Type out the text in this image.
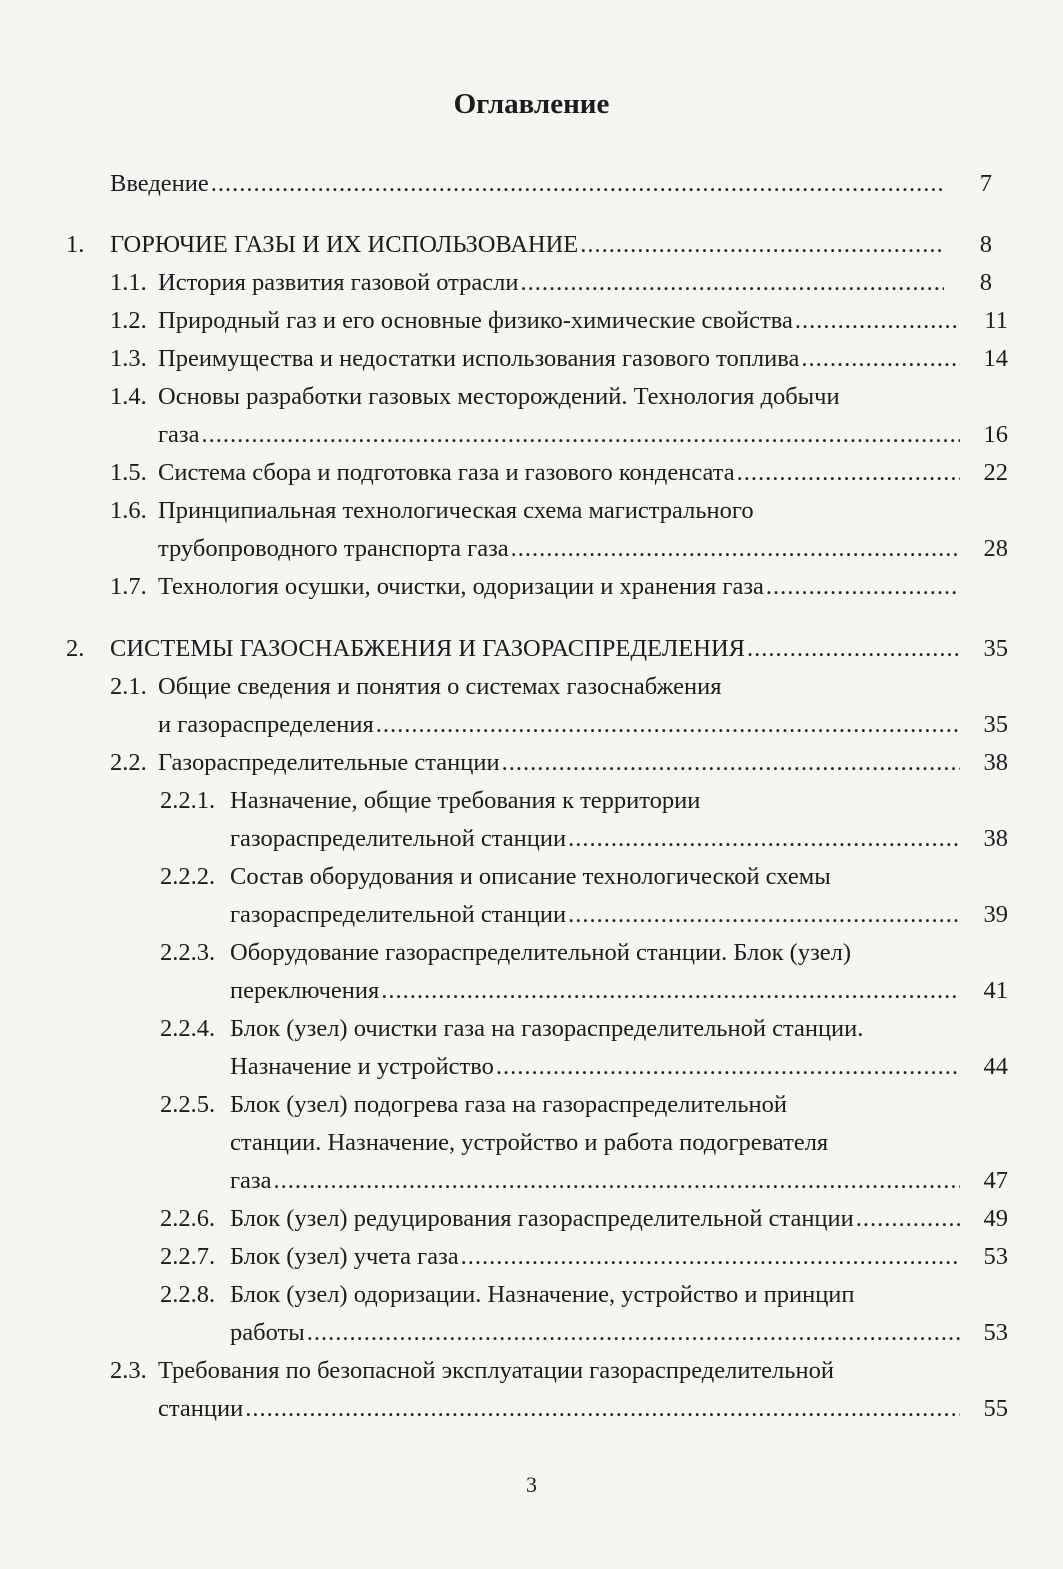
Оглавление
Введение .....	7
1.	ГОРЮЧИЕ ГАЗЫ И ИХ ИСПОЛЬЗОВАНИЕ .....	8
1.1. История развития газовой отрасли .....	8
1.2. Природный газ и его основные физико-химические свойства .....	11
1.3. Преимущества и недостатки использования газового топлива .....	14
1.4. Основы разработки газовых месторождений. Технология добычи
газа .....	16
1.5. Система сбора и подготовка газа и газового конденсата .....	22
1.6. Принципиальная технологическая схема магистрального
трубопроводного транспорта газа .....	28
1.7. Технология осушки, очистки, одоризации и хранения газа
.....
2.	СИСТЕМЫ ГАЗОСНАБЖЕНИЯ И ГАЗОРАСПРЕДЕЛЕНИЯ .....	35
2.1. Общие сведения и понятия о системах газоснабжения
и газораспределения .....	35
2.2. Газораспределительные станции .....	38
2.2.1. Назначение, общие требования к территории
газораспределительной станции .....	38
2.2.2. Состав оборудования и описание технологической схемы
газораспределительной станции .....	39
2.2.3. Оборудование газораспределительной станции. Блок (узел)
переключения .....	41
2.2.4. Блок (узел) очистки газа на газораспределительной станции.
Назначение и устройство .....	44
2.2.5. Блок (узел) подогрева газа на газораспределительной
станции. Назначение, устройство и работа подогревателя
газа .....	47
2.2.6. Блок (узел) редуцирования газораспределительной станции .....	49
2.2.7. Блок (узел) учета газа .....	53
2.2.8. Блок (узел) одоризации. Назначение, устройство и принцип
работы .....	53
2.3. Требования по безопасной эксплуатации газораспределительной
станции .....	55
3
